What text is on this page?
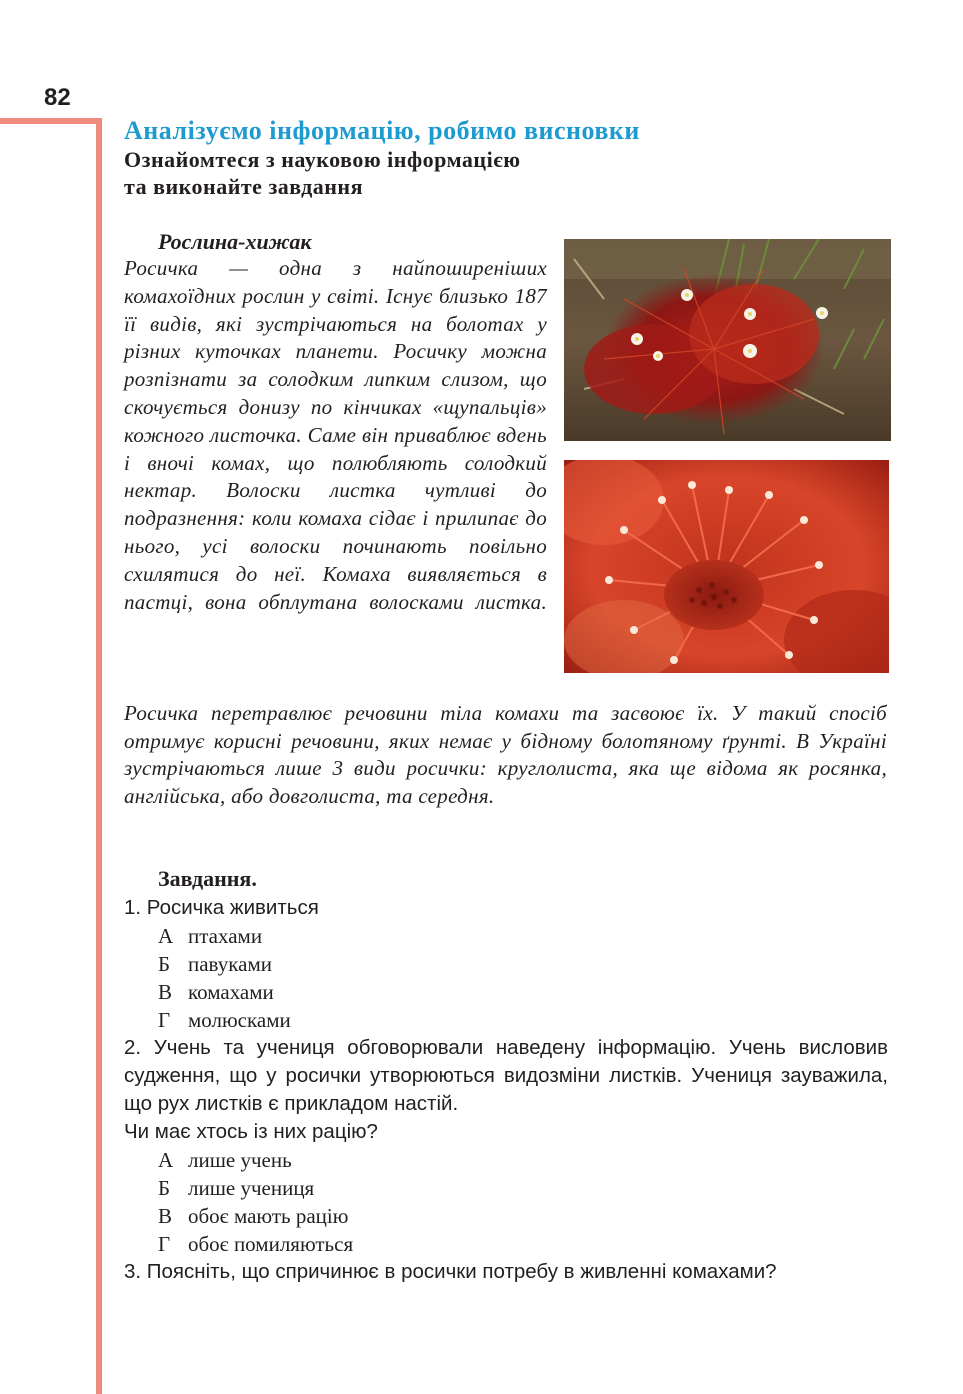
82
Аналізуємо інформацію, робимо висновки
Ознайомтеся з науковою інформацією
та виконайте завдання
Рослина-хижак
Росичка — одна з найпоширеніших комахоїдних рослин у світі. Існує близько 187 її видів, які зустрічаються на болотах у різних куточках планети. Росичку можна розпізнати за солодким липким слизом, що скочується донизу по кінчиках «щупальців» кожного листочка. Саме він приваблює вдень і вночі комах, що полюбляють солодкий нектар. Волоски листка чутливі до подразнення: коли комаха сідає і прилипає до нього, усі волоски починають повільно схилятися до неї. Комаха виявляється в пастці, вона обплутана волосками листка.
Росичка перетравлює речовини тіла комахи та засвоює їх. У такий спосіб отримує корисні речовини, яких немає у бідному болотяному ґрунті. В Україні зустрічаються лише 3 види росички: круглолиста, яка ще відома як росянка, англійська, або довголиста, та середня.
Завдання.

1. Росичка живиться

А птахами

Б павуками

В комахами

Г молюсками

2. Учень та учениця обговорювали наведену інформацію. Учень висловив судження, що у росички утворюються видозміни листків. Учениця зауважила, що рух листків є прикладом настій.

Чи має хтось із них рацію?

А лише учень

Б лише учениця

В обоє мають рацію

Г обоє помиляються

3. Поясніть, що спричинює в росички потребу в живленні комахами?
